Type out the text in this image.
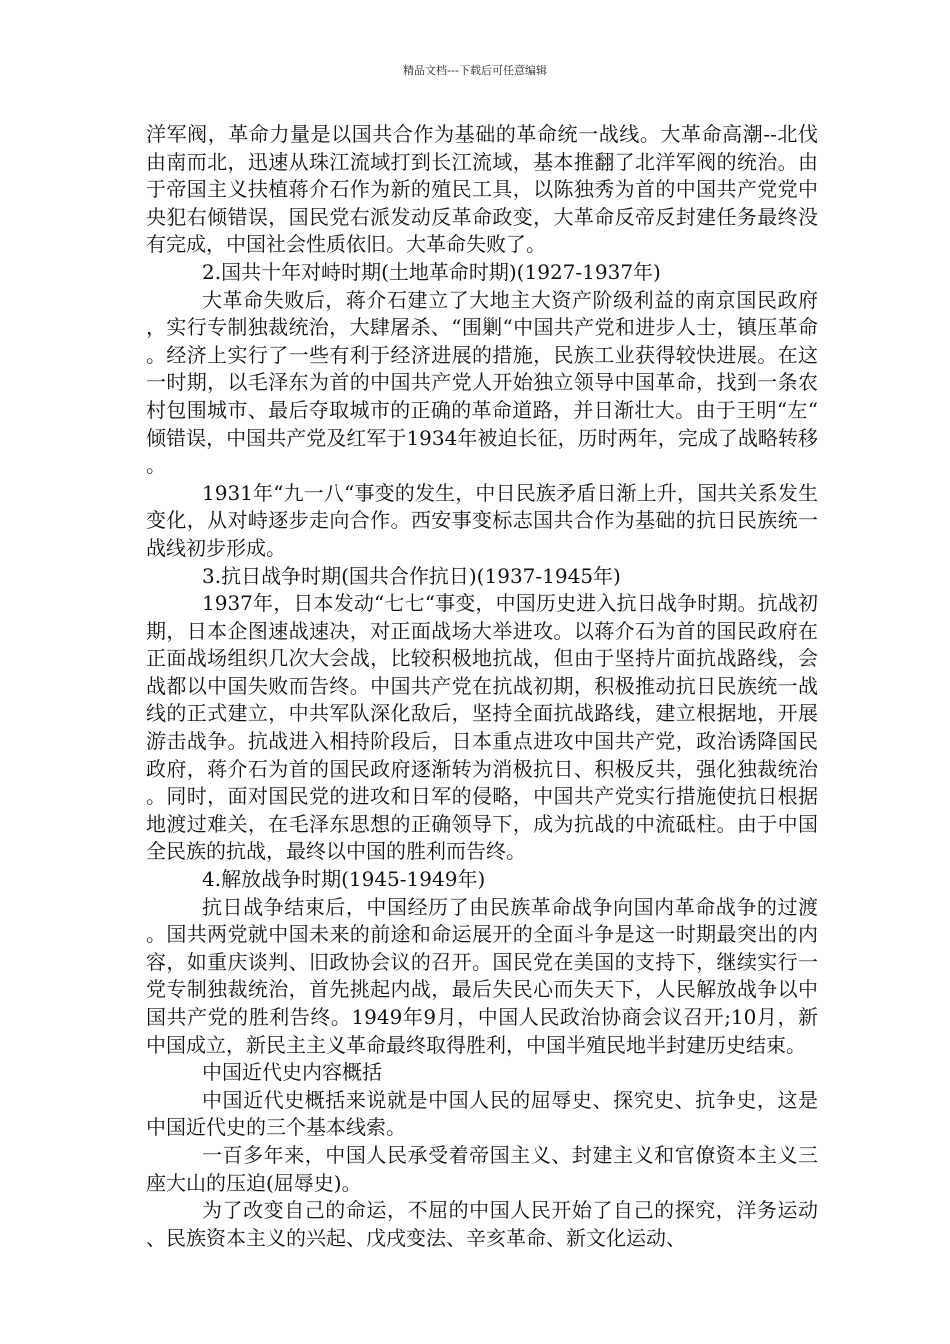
精品文档---下载后可任意编辑

洋军阀，革命力量是以国共合作为基础的革命统一战线。大革命高潮--北伐由南而北，迅速从珠江流域打到长江流域，基本推翻了北洋军阀的统治。由于帝国主义扶植蒋介石作为新的殖民工具，以陈独秀为首的中国共产党党中央犯右倾错误，国民党右派发动反革命政变，大革命反帝反封建任务最终没有完成，中国社会性质依旧。大革命失败了。

2.国共十年对峙时期(土地革命时期)(1927-1937年)

大革命失败后，蒋介石建立了大地主大资产阶级利益的南京国民政府，实行专制独裁统治，大肆屠杀、“围剿“中国共产党和进步人士，镇压革命。经济上实行了一些有利于经济进展的措施，民族工业获得较快进展。在这一时期，以毛泽东为首的中国共产党人开始独立领导中国革命，找到一条农村包围城市、最后夺取城市的正确的革命道路，并日渐壮大。由于王明“左“倾错误，中国共产党及红军于1934年被迫长征，历时两年，完成了战略转移。

1931年“九一八“事变的发生，中日民族矛盾日渐上升，国共关系发生变化，从对峙逐步走向合作。西安事变标志国共合作为基础的抗日民族统一战线初步形成。

3.抗日战争时期(国共合作抗日)(1937-1945年)

1937年，日本发动“七七“事变，中国历史进入抗日战争时期。抗战初期，日本企图速战速决，对正面战场大举进攻。以蒋介石为首的国民政府在正面战场组织几次大会战，比较积极地抗战，但由于坚持片面抗战路线，会战都以中国失败而告终。中国共产党在抗战初期，积极推动抗日民族统一战线的正式建立，中共军队深化敌后，坚持全面抗战路线，建立根据地，开展游击战争。抗战进入相持阶段后，日本重点进攻中国共产党，政治诱降国民政府，蒋介石为首的国民政府逐渐转为消极抗日、积极反共，强化独裁统治。同时，面对国民党的进攻和日军的侵略，中国共产党实行措施使抗日根据地渡过难关，在毛泽东思想的正确领导下，成为抗战的中流砥柱。由于中国全民族的抗战，最终以中国的胜利而告终。

4.解放战争时期(1945-1949年)

抗日战争结束后，中国经历了由民族革命战争向国内革命战争的过渡。国共两党就中国未来的前途和命运展开的全面斗争是这一时期最突出的内容，如重庆谈判、旧政协会议的召开。国民党在美国的支持下，继续实行一党专制独裁统治，首先挑起内战，最后失民心而失天下，人民解放战争以中国共产党的胜利告终。1949年9月，中国人民政治协商会议召开;10月，新中国成立，新民主主义革命最终取得胜利，中国半殖民地半封建历史结束。

中国近代史内容概括

中国近代史概括来说就是中国人民的屈辱史、探究史、抗争史，这是中国近代史的三个基本线索。

一百多年来，中国人民承受着帝国主义、封建主义和官僚资本主义三座大山的压迫(屈辱史)。

为了改变自己的命运，不屈的中国人民开始了自己的探究，洋务运动、民族资本主义的兴起、戊戌变法、辛亥革命、新文化运动、
